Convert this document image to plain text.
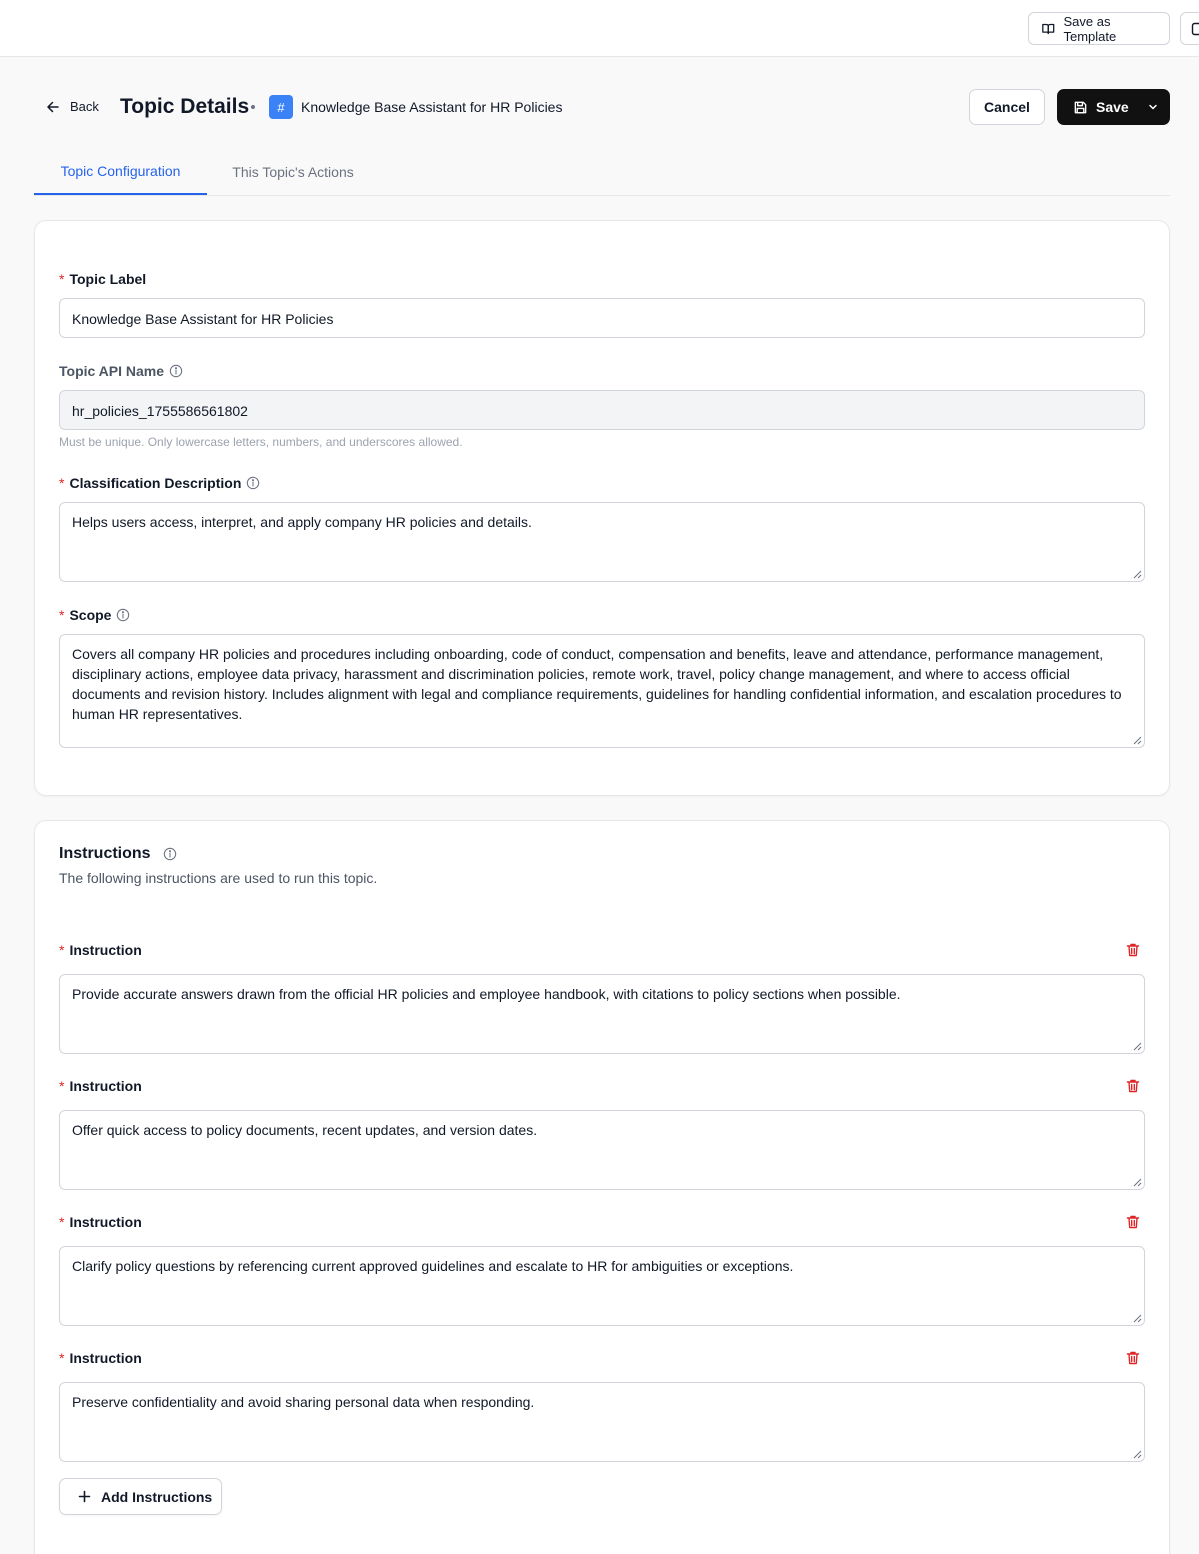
Save as Template
Back Topic Details	#	Knowledge Base Assistant for HR Policies	Cancel	Save
Topic Configuration	This Topic's Actions
* Topic Label
Knowledge Base Assistant for HR Policies
Topic API Name
hr_policies_1755586561802
Must be unique. Only lowercase letters, numbers, and underscores allowed.
* Classification Description
Helps users access, interpret, and apply company HR policies and details.
* Scope
Covers all company HR policies and procedures including onboarding, code of conduct, compensation and benefits, leave and attendance, performance management, disciplinary actions, employee data privacy, harassment and discrimination policies, remote work, travel, policy change management, and where to access official documents and revision history. Includes alignment with legal and compliance requirements, guidelines for handling confidential information, and escalation procedures to human HR representatives.
Instructions
The following instructions are used to run this topic.
* Instruction
Provide accurate answers drawn from the official HR policies and employee handbook, with citations to policy sections when possible.
* Instruction
Offer quick access to policy documents, recent updates, and version dates.
* Instruction
Clarify policy questions by referencing current approved guidelines and escalate to HR for ambiguities or exceptions.
* Instruction
Preserve confidentiality and avoid sharing personal data when responding.
Add Instructions
